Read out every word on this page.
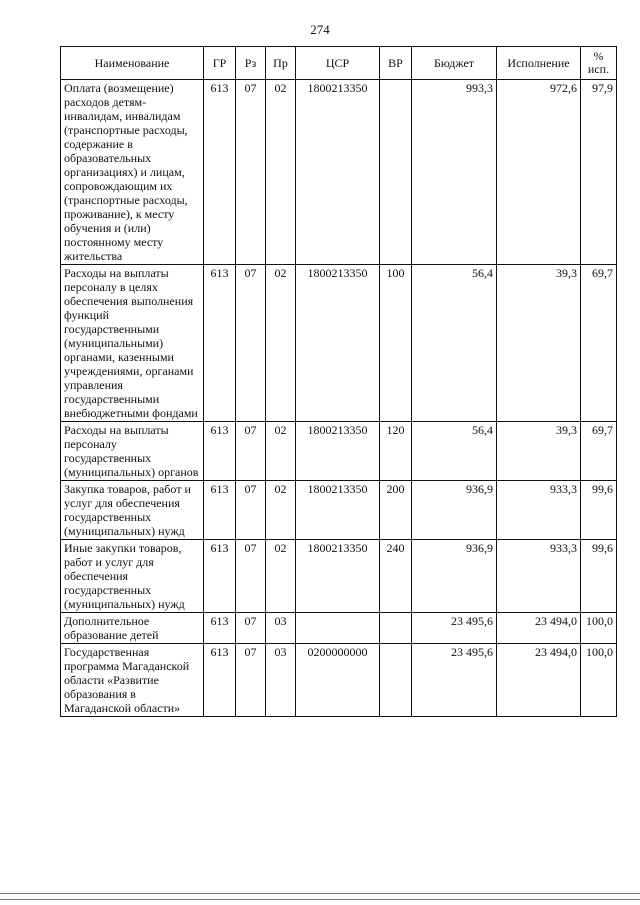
274
Наименование	ГР	Рз	Пр	ЦСР	ВР	Бюджет	Исполнение	%
исп.
Оплата (возмещение) расходов детям-инвалидам, инвалидам (транспортные расходы, содержание в образовательных организациях) и лицам, сопровождающим их (транспортные расходы, проживание), к месту обучения и (или) постоянному месту жительства	613	07	02	1800213350		993,3	972,6	97,9
Расходы на выплаты персоналу в целях обеспечения выполнения функций государственными (муниципальными) органами, казенными учреждениями, органами управления государственными внебюджетными фондами	613	07	02	1800213350	100	56,4	39,3	69,7
Расходы на выплаты персоналу государственных (муниципальных) органов	613	07	02	1800213350	120	56,4	39,3	69,7
Закупка товаров, работ и услуг для обеспечения государственных (муниципальных) нужд	613	07	02	1800213350	200	936,9	933,3	99,6
Иные закупки товаров, работ и услуг для обеспечения государственных (муниципальных) нужд	613	07	02	1800213350	240	936,9	933,3	99,6
Дополнительное образование детей	613	07	03			23 495,6	23 494,0	100,0
Государственная программа Магаданской области «Развитие образования в Магаданской области»	613	07	03	0200000000		23 495,6	23 494,0	100,0
